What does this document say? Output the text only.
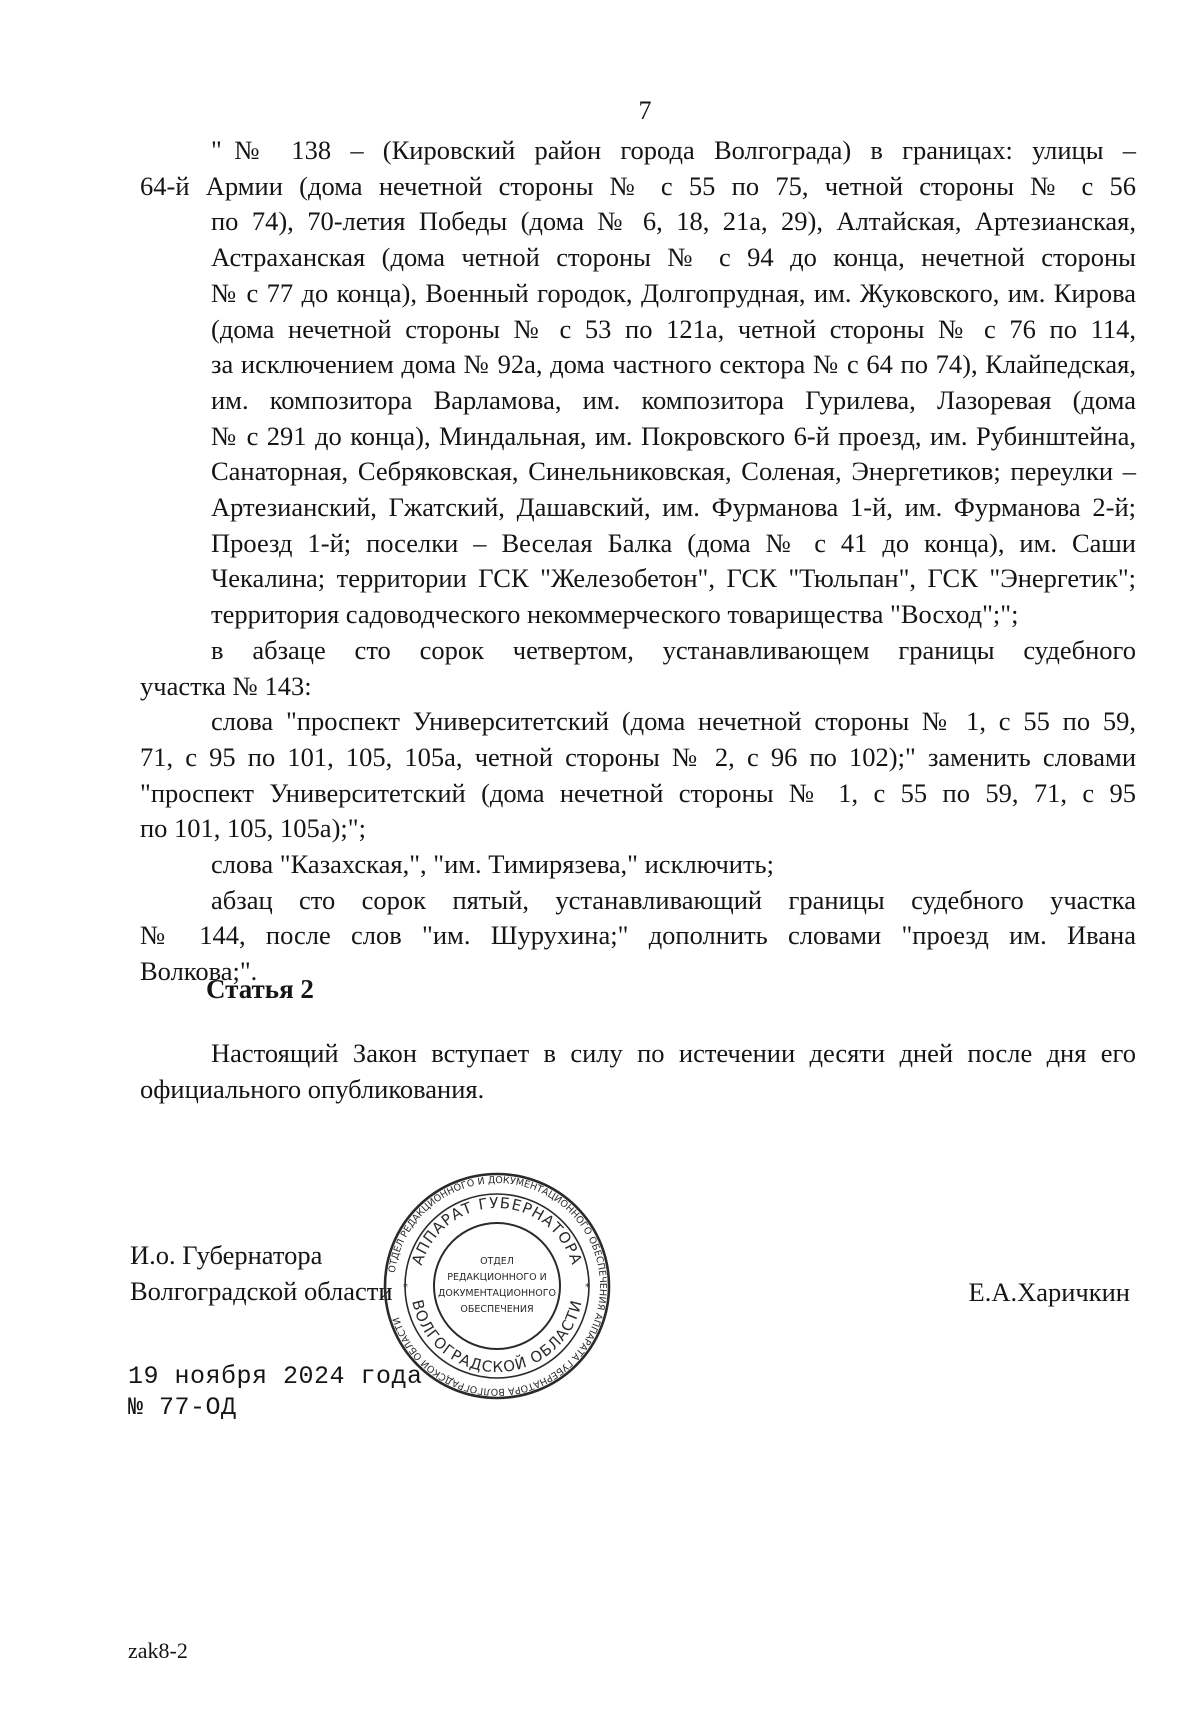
7
"№ 138 – (Кировский район города Волгограда) в границах: улицы –
64-й Армии (дома нечетной стороны № с 55 по 75, четной стороны № с 56
по 74), 70-летия Победы (дома № 6, 18, 21а, 29), Алтайская, Артезианская,
Астраханская (дома четной стороны № с 94 до конца, нечетной стороны
№ с 77 до конца), Военный городок, Долгопрудная, им. Жуковского, им. Кирова
(дома нечетной стороны № с 53 по 121а, четной стороны № с 76 по 114,
за исключением дома № 92а, дома частного сектора № с 64 по 74), Клайпедская,
им. композитора Варламова, им. композитора Гурилева, Лазоревая (дома
№ с 291 до конца), Миндальная, им. Покровского 6-й проезд, им. Рубинштейна,
Санаторная, Себряковская, Синельниковская, Соленая, Энергетиков; переулки –
Артезианский, Гжатский, Дашавский, им. Фурманова 1-й, им. Фурманова 2-й;
Проезд 1-й; поселки – Веселая Балка (дома № с 41 до конца), им. Саши
Чекалина; территории ГСК "Железобетон", ГСК "Тюльпан", ГСК "Энергетик";
территория садоводческого некоммерческого товарищества "Восход";";
в абзаце сто сорок четвертом, устанавливающем границы судебного
участка № 143:
слова "проспект Университетский (дома нечетной стороны № 1, с 55 по 59,
71, с 95 по 101, 105, 105а, четной стороны № 2, с 96 по 102);" заменить словами
"проспект Университетский (дома нечетной стороны № 1, с 55 по 59, 71, с 95
по 101, 105, 105а);";
слова "Казахская,", "им. Тимирязева," исключить;
абзац сто сорок пятый, устанавливающий границы судебного участка
№ 144, после слов "им. Шурухина;" дополнить словами "проезд им. Ивана
Волкова;".
Статья 2
Настоящий Закон вступает в силу по истечении десяти дней после дня его
официального опубликования.
И.о. Губернатора
Волгоградской области	Е.А.Харичкин
ОТДЕЛ РЕДАКЦИОННОГО И ДОКУМЕНТАЦИОННОГО ОБЕСПЕЧЕНИЯ АППАРАТА ГУБЕРНАТОРА ВОЛГОГРАДСКОЙ ОБЛАСТИ
АППАРАТ ГУБЕРНАТОРА
ВОЛГОГРАДСКОЙ ОБЛАСТИ
ОТДЕЛ
РЕДАКЦИОННОГО И
ДОКУМЕНТАЦИОННОГО
ОБЕСПЕЧЕНИЯ
*	*
19 ноября 2024 года
№ 77-ОД
zak8-2
